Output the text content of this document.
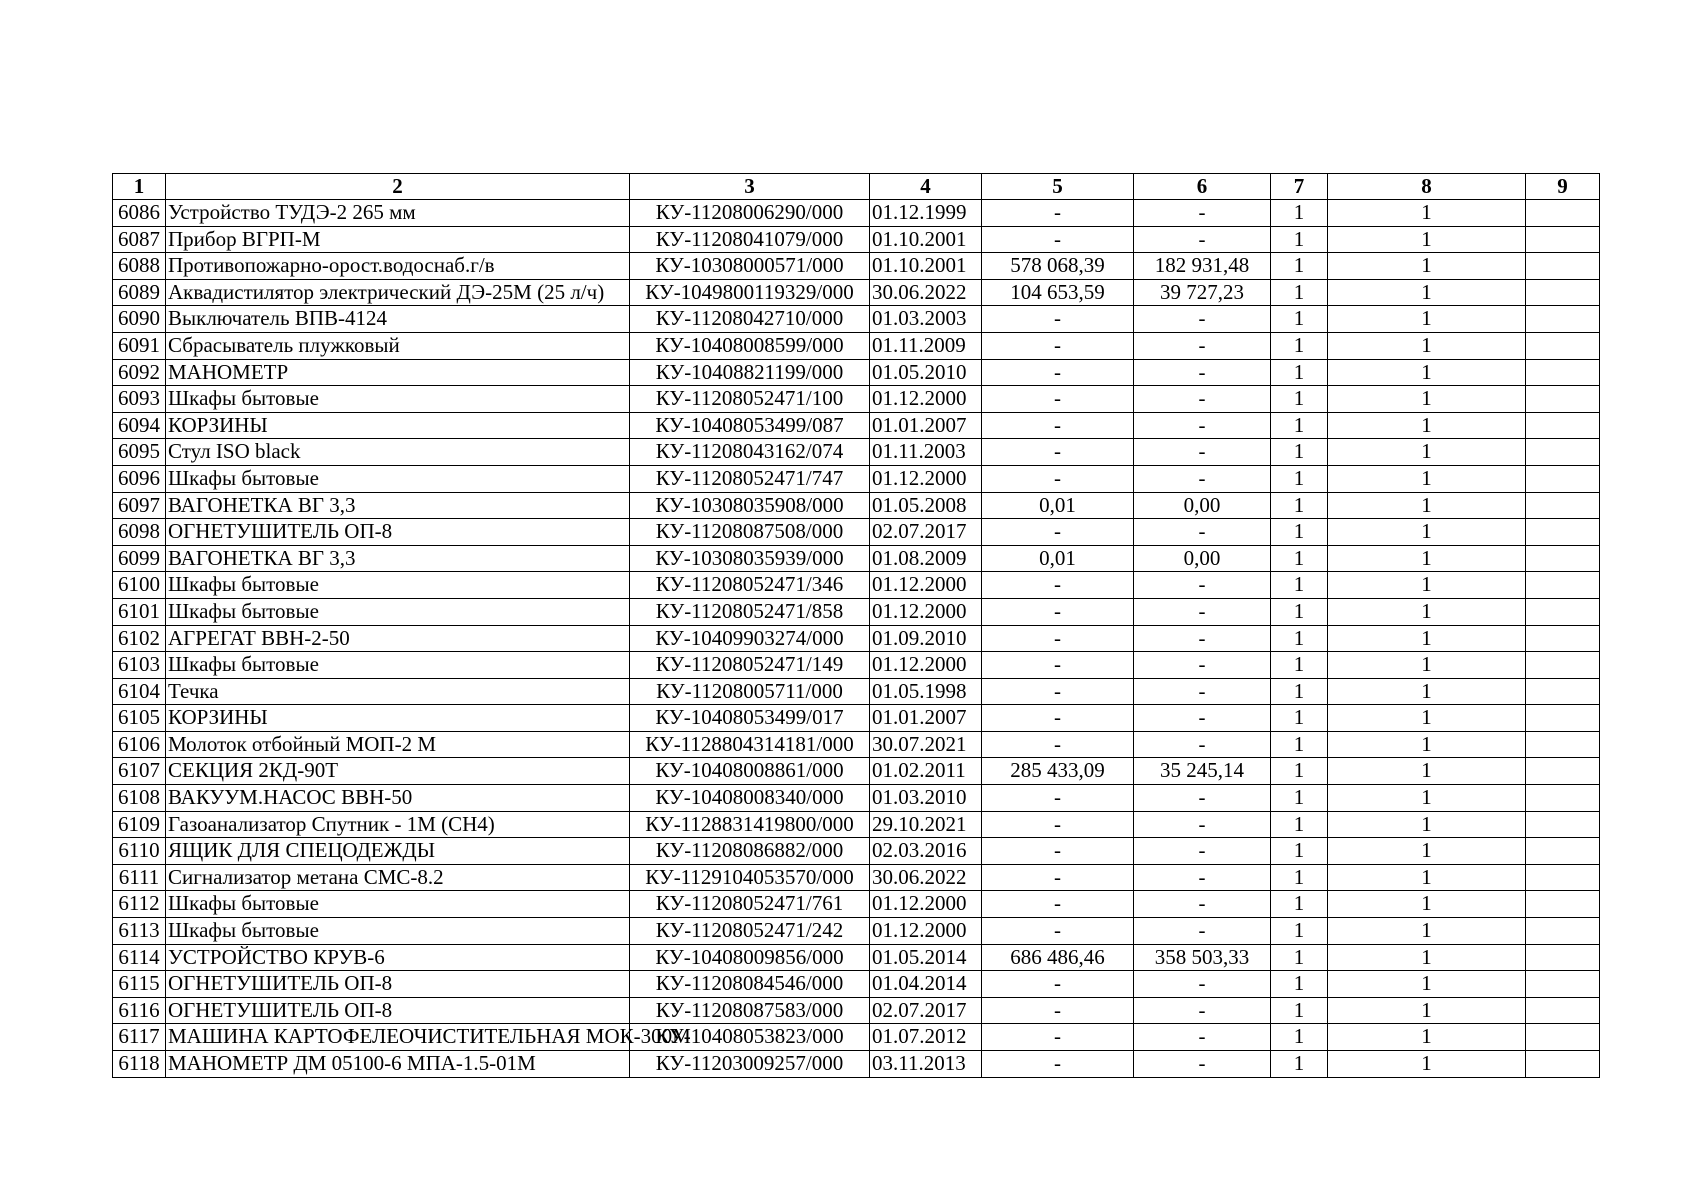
1	2	3	4	5	6	7	8	9
6086	Устройство ТУДЭ-2 265 мм	КУ-11208006290/000	01.12.1999	-	-	1	1	
6087	Прибор ВГРП-М	КУ-11208041079/000	01.10.2001	-	-	1	1	
6088	Противопожарно-орост.водоснаб.г/в	КУ-10308000571/000	01.10.2001	578 068,39	182 931,48	1	1	
6089	Аквадистилятор электрический ДЭ-25М (25 л/ч)	КУ-1049800119329/000	30.06.2022	104 653,59	39 727,23	1	1	
6090	Выключатель ВПВ-4124	КУ-11208042710/000	01.03.2003	-	-	1	1	
6091	Сбрасыватель плужковый	КУ-10408008599/000	01.11.2009	-	-	1	1	
6092	МАНОМЕТР	КУ-10408821199/000	01.05.2010	-	-	1	1	
6093	Шкафы бытовые	КУ-11208052471/100	01.12.2000	-	-	1	1	
6094	КОРЗИНЫ	КУ-10408053499/087	01.01.2007	-	-	1	1	
6095	Стул ISO black	КУ-11208043162/074	01.11.2003	-	-	1	1	
6096	Шкафы бытовые	КУ-11208052471/747	01.12.2000	-	-	1	1	
6097	ВАГОНЕТКА ВГ 3,3	КУ-10308035908/000	01.05.2008	0,01	0,00	1	1	
6098	ОГНЕТУШИТЕЛЬ ОП-8	КУ-11208087508/000	02.07.2017	-	-	1	1	
6099	ВАГОНЕТКА ВГ 3,3	КУ-10308035939/000	01.08.2009	0,01	0,00	1	1	
6100	Шкафы бытовые	КУ-11208052471/346	01.12.2000	-	-	1	1	
6101	Шкафы бытовые	КУ-11208052471/858	01.12.2000	-	-	1	1	
6102	АГРЕГАТ ВВН-2-50	КУ-10409903274/000	01.09.2010	-	-	1	1	
6103	Шкафы бытовые	КУ-11208052471/149	01.12.2000	-	-	1	1	
6104	Течка	КУ-11208005711/000	01.05.1998	-	-	1	1	
6105	КОРЗИНЫ	КУ-10408053499/017	01.01.2007	-	-	1	1	
6106	Молоток отбойный МОП-2 М	КУ-1128804314181/000	30.07.2021	-	-	1	1	
6107	СЕКЦИЯ 2КД-90Т	КУ-10408008861/000	01.02.2011	285 433,09	35 245,14	1	1	
6108	ВАКУУМ.НАСОС ВВН-50	КУ-10408008340/000	01.03.2010	-	-	1	1	
6109	Газоанализатор Спутник - 1М (СН4)	КУ-1128831419800/000	29.10.2021	-	-	1	1	
6110	ЯЩИК ДЛЯ СПЕЦОДЕЖДЫ	КУ-11208086882/000	02.03.2016	-	-	1	1	
6111	Сигнализатор метана СМС-8.2	КУ-1129104053570/000	30.06.2022	-	-	1	1	
6112	Шкафы бытовые	КУ-11208052471/761	01.12.2000	-	-	1	1	
6113	Шкафы бытовые	КУ-11208052471/242	01.12.2000	-	-	1	1	
6114	УСТРОЙСТВО КРУВ-6	КУ-10408009856/000	01.05.2014	686 486,46	358 503,33	1	1	
6115	ОГНЕТУШИТЕЛЬ ОП-8	КУ-11208084546/000	01.04.2014	-	-	1	1	
6116	ОГНЕТУШИТЕЛЬ ОП-8	КУ-11208087583/000	02.07.2017	-	-	1	1	
6117	МАШИНА КАРТОФЕЛЕОЧИСТИТЕЛЬНАЯ МОК-300М	КУ-10408053823/000	01.07.2012	-	-	1	1	
6118	МАНОМЕТР ДМ 05100-6 МПА-1.5-01М	КУ-11203009257/000	03.11.2013	-	-	1	1	
